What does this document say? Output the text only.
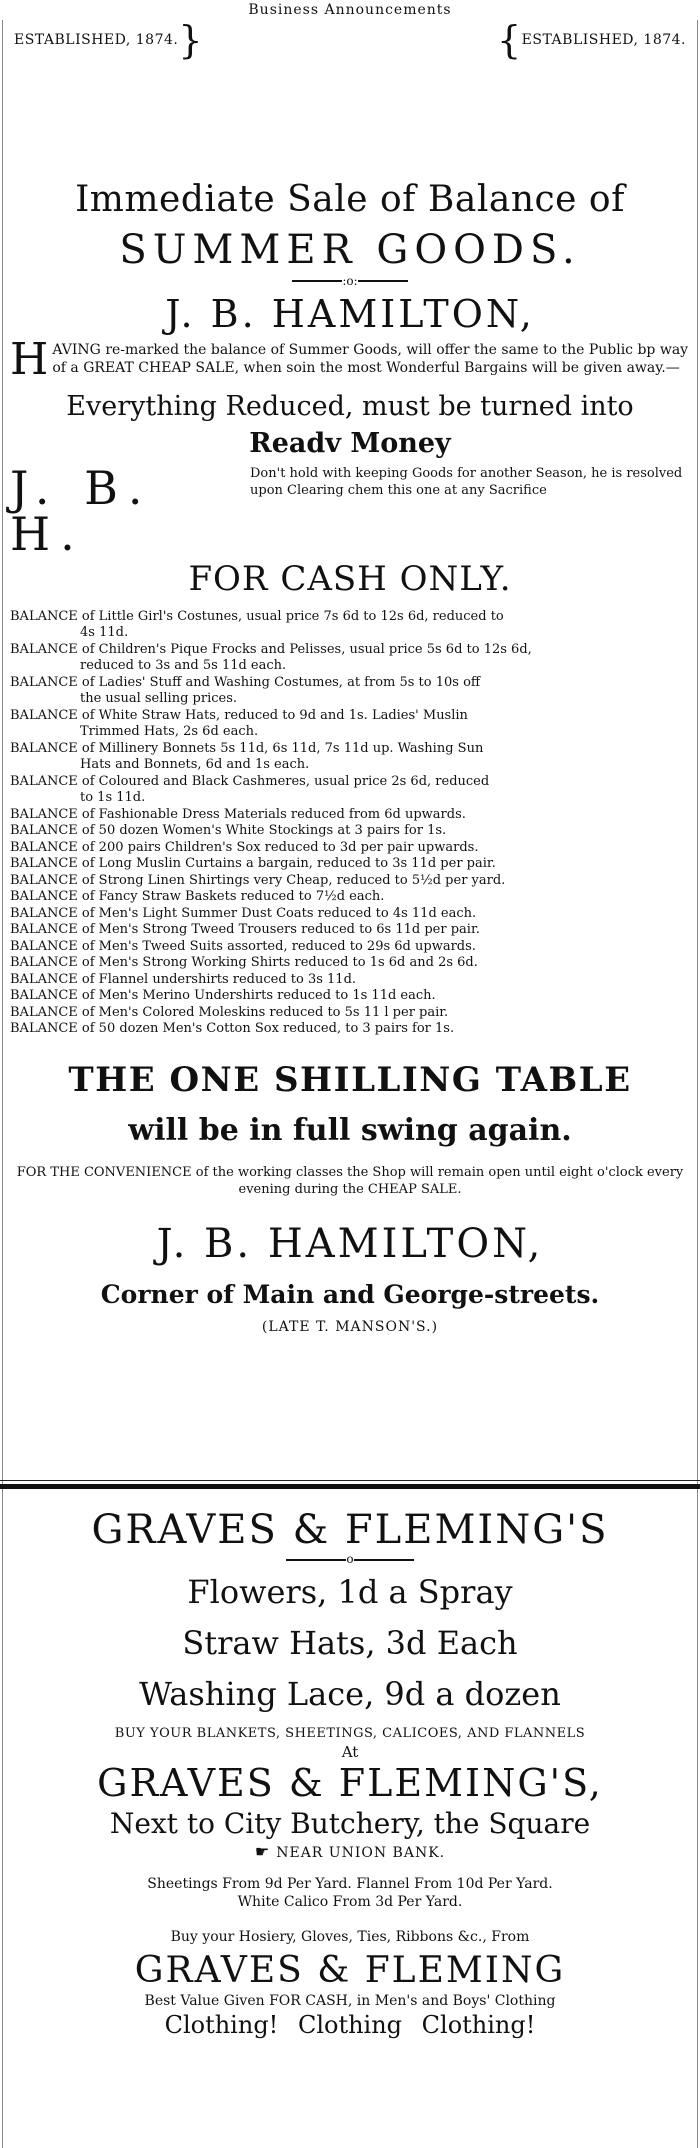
Business Announcements
ESTABLISHED, 1874.}	{ESTABLISHED, 1874.
Immediate Sale of Balance of
SUMMER GOODS.
:o:
J. B. HAMILTON,
HAVING re-marked the balance of Summer Goods, will offer the same to the Public bp way of a GREAT CHEAP SALE, when soin the most Wonderful Bargains will be given away.—
Everything Reduced, must be turned into
Readv Money
J. B. H.
Don't hold with keeping Goods for another Season, he is resolved upon Clearing chem this one at any Sacrifice
FOR CASH ONLY.
BALANCE of Little Girl's Costunes, usual price 7s 6d to 12s 6d, reduced to
4s 11d.
BALANCE of Children's Pique Frocks and Pelisses, usual price 5s 6d to 12s 6d,
reduced to 3s and 5s 11d each.
BALANCE of Ladies' Stuff and Washing Costumes, at from 5s to 10s off
the usual selling prices.
BALANCE of White Straw Hats, reduced to 9d and 1s. Ladies' Muslin
Trimmed Hats, 2s 6d each.
BALANCE of Millinery Bonnets 5s 11d, 6s 11d, 7s 11d up. Washing Sun
Hats and Bonnets, 6d and 1s each.
BALANCE of Coloured and Black Cashmeres, usual price 2s 6d, reduced
to 1s 11d.
BALANCE of Fashionable Dress Materials reduced from 6d upwards.
BALANCE of 50 dozen Women's White Stockings at 3 pairs for 1s.
BALANCE of 200 pairs Children's Sox reduced to 3d per pair upwards.
BALANCE of Long Muslin Curtains a bargain, reduced to 3s 11d per pair.
BALANCE of Strong Linen Shirtings very Cheap, reduced to 5½d per yard.
BALANCE of Fancy Straw Baskets reduced to 7½d each.
BALANCE of Men's Light Summer Dust Coats reduced to 4s 11d each.
BALANCE of Men's Strong Tweed Trousers reduced to 6s 11d per pair.
BALANCE of Men's Tweed Suits assorted, reduced to 29s 6d upwards.
BALANCE of Men's Strong Working Shirts reduced to 1s 6d and 2s 6d.
BALANCE of Flannel undershirts reduced to 3s 11d.
BALANCE of Men's Merino Undershirts reduced to 1s 11d each.
BALANCE of Men's Colored Moleskins reduced to 5s 11 l per pair.
BALANCE of 50 dozen Men's Cotton Sox reduced, to 3 pairs for 1s.
THE ONE SHILLING TABLE
will be in full swing again.
FOR THE CONVENIENCE of the working classes the Shop will remain open until eight o'clock every evening during the CHEAP SALE.
J. B. HAMILTON,
Corner of Main and George-streets.
(LATE T. MANSON'S.)
GRAVES & FLEMING'S
o
Flowers, 1d a Spray
Straw Hats, 3d Each
Washing Lace, 9d a dozen
BUY YOUR BLANKETS, SHEETINGS, CALICOES, AND FLANNELS
At
GRAVES & FLEMING'S,
Next to City Butchery, the Square
☛ NEAR UNION BANK.
Sheetings From 9d Per Yard. Flannel From 10d Per Yard.
White Calico From 3d Per Yard.
Buy your Hosiery, Gloves, Ties, Ribbons &c., From
GRAVES & FLEMING
Best Value Given FOR CASH, in Men's and Boys' Clothing
Clothing! Clothing Clothing!
